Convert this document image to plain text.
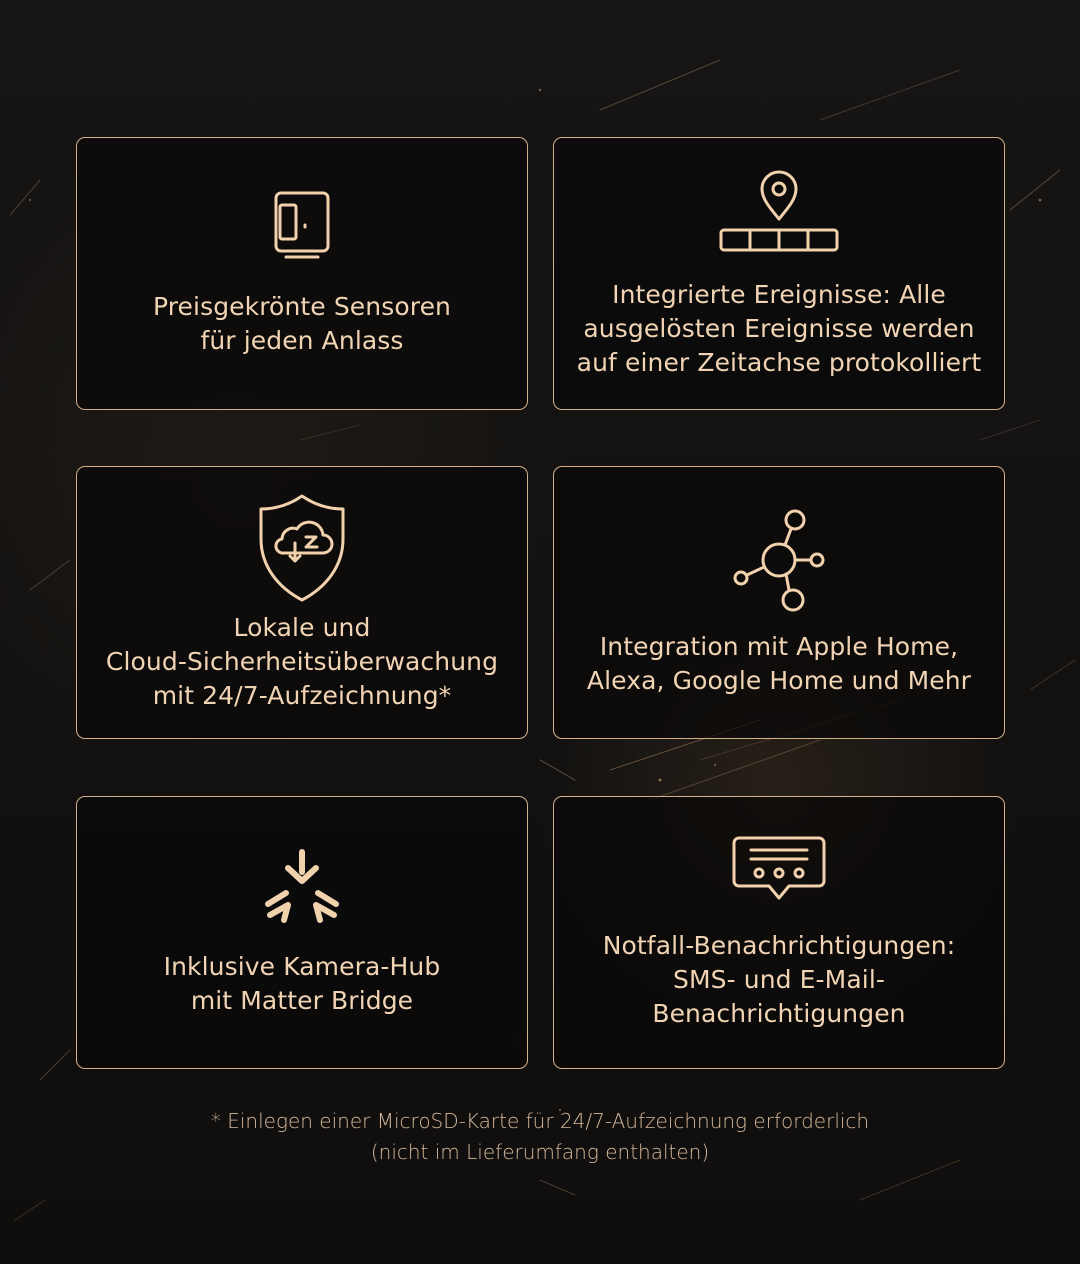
Preisgekrönte Sensoren
für jeden Anlass

Integrierte Ereignisse: Alle
ausgelösten Ereignisse werden
auf einer Zeitachse protokolliert

Lokale und
Cloud-Sicherheitsüberwachung
mit 24/7-Aufzeichnung*

Integration mit Apple Home,
Alexa, Google Home und Mehr

Inklusive Kamera-Hub
mit Matter Bridge

Notfall-Benachrichtigungen:
SMS- und E-Mail-
Benachrichtigungen

* Einlegen einer MicroSD-Karte für 24/7-Aufzeichnung erforderlich

(nicht im Lieferumfang enthalten)
